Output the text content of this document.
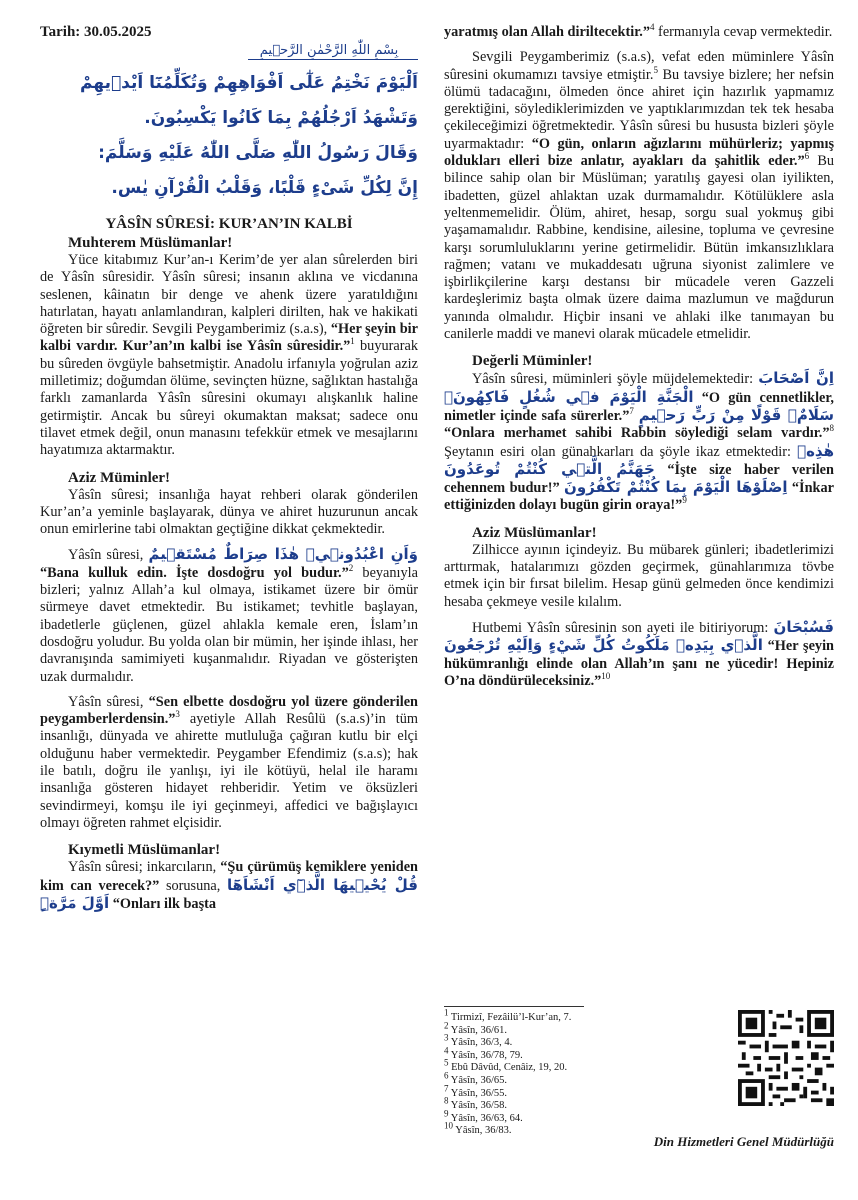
Tarih: 30.05.2025

بِسْمِ اللّٰهِ الرَّحْمٰنِ الرَّح۪يمِ

اَلْيَوْمَ نَخْتِمُ عَلٰٓى اَفْوَاهِهِمْ وَتُكَلِّمُنَٓا اَيْد۪يهِمْ وَتَشْهَدُ اَرْجُلُهُمْ بِمَا كَانُوا يَكْسِبُونَ.

وَقَالَ رَسُولُ اللّٰهِ صَلَّى اللّٰهُ عَلَيْهِ وَسَلَّمَ:

إِنَّ لِكُلِّ شَىْءٍ قَلْبًا، وَقَلْبُ الْقُرْآنِ يٰس.

YÂSÎN SÛRESİ: KUR’AN’IN KALBİ

Muhterem Müslümanlar!

Yüce kitabımız Kur’an-ı Kerim’de yer alan sûrelerden biri de Yâsîn sûresidir. Yâsîn sûresi; insanın aklına ve vicdanına seslenen, kâinatın bir denge ve ahenk üzere yaratıldığını hatırlatan, hayatı anlamlandıran, kalpleri dirilten, hak ve hakikati öğreten bir sûredir. Sevgili Peygamberimiz (s.a.s), “Her şeyin bir kalbi vardır. Kur’an’ın kalbi ise Yâsîn sûresidir.”$^1$ buyurarak bu sûreden övgüyle bahsetmiştir. Anadolu irfanıyla yoğrulan aziz milletimiz; doğumdan ölüme, sevinçten hüzne, sağlıktan hastalığa farklı zamanlarda Yâsîn sûresini okumayı alışkanlık haline getirmiştir. Ancak bu sûreyi okumaktan maksat; sadece onu tilavet etmek değil, onun manasını tefekkür etmek ve mesajlarını hayatımıza aktarmaktır.

Aziz Müminler!

Yâsîn sûresi; insanlığa hayat rehberi olarak gönderilen Kur’an’a yeminle başlayarak, dünya ve ahiret huzurunun ancak onun emirlerine tabi olmaktan geçtiğine dikkat çekmektedir.

Yâsîn sûresi, وَاَنِ اعْبُدُون۪يۜ هٰذَا صِرَاطٌ مُسْتَق۪يمٌ “Bana kulluk edin. İşte dosdoğru yol budur.”$^2$ beyanıyla bizleri; yalnız Allah’a kul olmaya, istikamet üzere bir ömür sürmeye davet etmektedir. Bu istikamet; tevhitle başlayan, ibadetlerle güçlenen, güzel ahlakla kemale eren, İslam’ın dosdoğru yoludur. Bu yolda olan bir mümin, her işinde ihlası, her davranışında samimiyeti kuşanmalıdır. Riyadan ve gösterişten uzak durmalıdır.

Yâsîn sûresi, “Sen elbette dosdoğru yol üzere gönderilen peygamberlerdensin.”$^3$ ayetiyle Allah Resûlü (s.a.s)’in tüm insanlığı, dünyada ve ahirette mutluluğa çağıran kutlu bir elçi olduğunu haber vermektedir. Peygamber Efendimiz (s.a.s); hak ile batılı, doğru ile yanlışı, iyi ile kötüyü, helal ile haramı insanlığa gösteren hidayet rehberidir. Yetim ve öksüzleri sevindirmeyi, komşu ile iyi geçinmeyi, affedici ve bağışlayıcı olmayı öğreten rahmet elçisidir.

Kıymetli Müslümanlar!

Yâsîn sûresi; inkarcıların, “Şu çürümüş kemiklere yeniden kim can verecek?” sorusuna, قُلْ يُحْي۪يهَا الَّذ۪ٓي اَنْشَاَهَٓا اَوَّلَ مَرَّةٍۜ “Onları ilk başta

yaratmış olan Allah diriltecektir.”$^4$ fermanıyla cevap vermektedir.

Sevgili Peygamberimiz (s.a.s), vefat eden müminlere Yâsîn sûresini okumamızı tavsiye etmiştir.$^5$ Bu tavsiye bizlere; her nefsin ölümü tadacağını, ölmeden önce ahiret için hazırlık yapmamız gerektiğini, söylediklerimizden ve yaptıklarımızdan tek tek hesaba çekileceğimizi öğretmektedir. Yâsîn sûresi bu hususta bizleri şöyle uyarmaktadır: “O gün, onların ağızlarını mühürleriz; yapmış oldukları elleri bize anlatır, ayakları da şahitlik eder.”$^6$ Bu bilince sahip olan bir Müslüman; yaratılış gayesi olan iyilikten, ibadetten, güzel ahlaktan uzak durmamalıdır. Kötülüklere asla yeltenmemelidir. Ölüm, ahiret, hesap, sorgu sual yokmuş gibi yaşamamalıdır. Rabbine, kendisine, ailesine, topluma ve çevresine karşı sorumluluklarını yerine getirmelidir. Bütün imkansızlıklara rağmen; vatanı ve mukaddesatı uğruna siyonist zalimlere ve işbirlikçilerine karşı destansı bir mücadele veren Gazzeli kardeşlerimiz başta olmak üzere daima mazlumun ve mağdurun yanında olmalıdır. Hiçbir insani ve ahlaki ilke tanımayan bu canilerle maddi ve manevi olarak mücadele etmelidir.

Değerli Müminler!

Yâsîn sûresi, müminleri şöyle müjdelemektedir: اِنَّ اَصْحَابَ الْجَنَّةِ الْيَوْمَ ف۪ي شُغُلٍ فَاكِهُونَۚ “O gün cennetlikler, nimetler içinde safa sürerler.”$^7$ سَلَامٌ۠ قَوْلًا مِنْ رَبٍّ رَح۪يمٍ “Onlara merhamet sahibi Rabbin söylediği selam vardır.”$^8$ Şeytanın esiri olan günahkarları da şöyle ikaz etmektedir: هٰذِه۪ جَهَنَّمُ الَّت۪ي كُنْتُمْ تُوعَدُونَ “İşte size haber verilen cehennem budur!” اِصْلَوْهَا الْيَوْمَ بِمَا كُنْتُمْ تَكْفُرُونَ “İnkar ettiğinizden dolayı bugün girin oraya!”$^9$

Aziz Müslümanlar!

Zilhicce ayının içindeyiz. Bu mübarek günleri; ibadetlerimizi arttırmak, hatalarımızı gözden geçirmek, günahlarımıza tövbe etmek için bir fırsat bilelim. Hesap günü gelmeden önce kendimizi hesaba çekmeye vesile kılalım.

Hutbemi Yâsîn sûresinin son ayeti ile bitiriyorum: فَسُبْحَانَ الَّذ۪ي بِيَدِه۪ مَلَكُوتُ كُلِّ شَيْءٍ وَاِلَيْهِ تُرْجَعُونَ “Her şeyin hükümranlığı elinde olan Allah’ın şanı ne yücedir! Hepiniz O’na döndürüleceksiniz.”$^{10}$

1 Tirmizî, Fezâilü’l-Kur’an, 7.

2 Yâsîn, 36/61.

3 Yâsîn, 36/3, 4.

4 Yâsîn, 36/78, 79.

5 Ebû Dâvûd, Cenâiz, 19, 20.

6 Yâsîn, 36/65.

7 Yâsîn, 36/55.

8 Yâsîn, 36/58.

9 Yâsîn, 36/63, 64.

10 Yâsîn, 36/83.

Din Hizmetleri Genel Müdürlüğü
